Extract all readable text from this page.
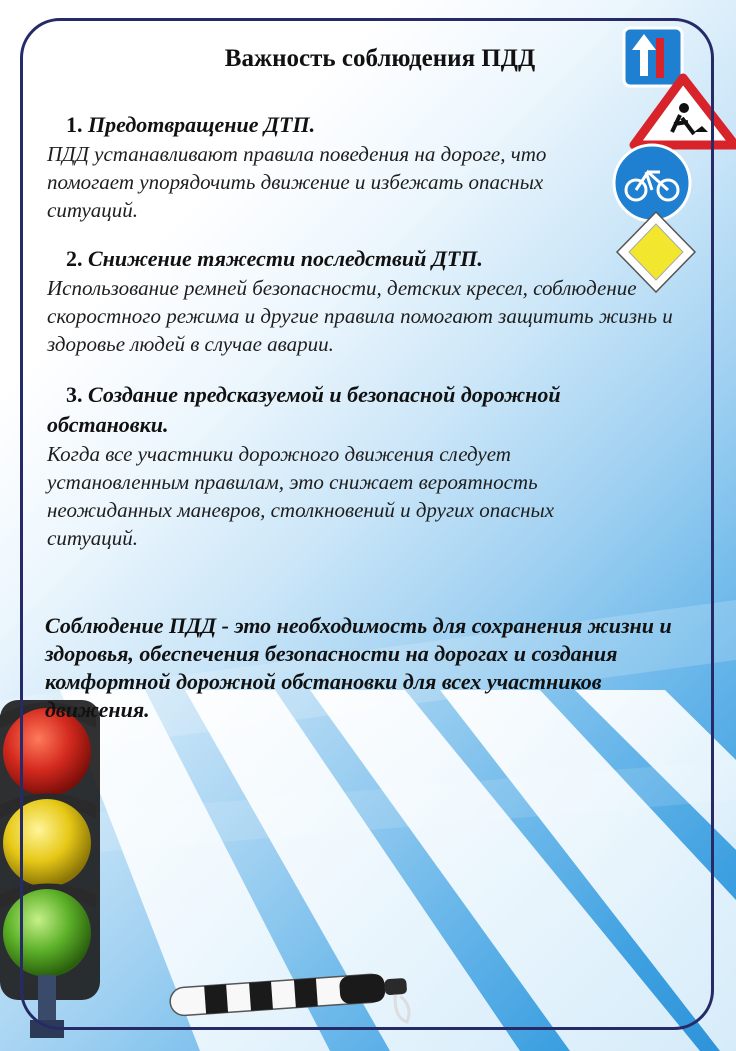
Важность соблюдения ПДД
1. Предотвращение ДТП.
ПДД устанавливают правила поведения на дороге, что помогает упорядочить движение и избежать опасных ситуаций.
2. Снижение тяжести последствий ДТП.
Использование ремней безопасности, детских кресел, соблюдение скоростного режима и другие правила помогают защитить жизнь и здоровье людей в случае аварии.
3. Создание предсказуемой и безопасной дорожной обстановки.
Когда все участники дорожного движения следует установленным правилам, это снижает вероятность неожиданных маневров, столкновений и других опасных ситуаций.
Соблюдение ПДД - это необходимость для сохранения жизни и здоровья, обеспечения безопасности на дорогах и создания комфортной дорожной обстановки для всех участников движения.
